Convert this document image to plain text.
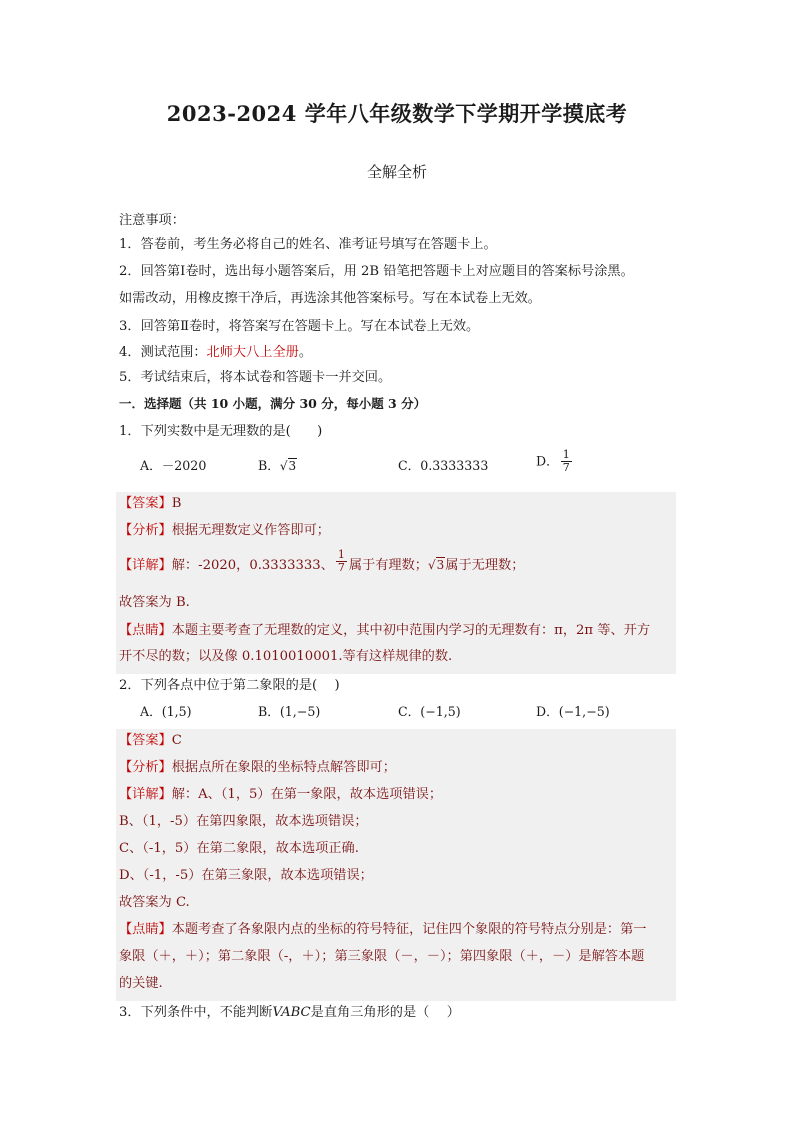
2023-2024 学年八年级数学下学期开学摸底考
全解全析
注意事项：
1．答卷前，考生务必将自己的姓名、准考证号填写在答题卡上。
2．回答第Ⅰ卷时，选出每小题答案后，用 2B 铅笔把答题卡上对应题目的答案标号涂黑。
如需改动，用橡皮擦干净后，再选涂其他答案标号。写在本试卷上无效。
3．回答第Ⅱ卷时，将答案写在答题卡上。写在本试卷上无效。
4．测试范围：北师大八上全册。
5．考试结束后，将本试卷和答题卡一并交回。
一．选择题（共 10 小题，满分 30 分，每小题 3 分）
1．下列实数中是无理数的是(　　)
A．－2020	B．√3	C．0.3333333	D． $\frac{1}{7}$
【答案】B
【分析】根据无理数定义作答即可；
【详解】解：-2020，0.3333333、 $\frac{1}{7}$ 属于有理数；√3属于无理数；
故答案为 B.
【点睛】本题主要考查了无理数的定义，其中初中范围内学习的无理数有：π，2π 等、开方
开不尽的数；以及像 0.1010010001.等有这样规律的数.
2．下列各点中位于第二象限的是(　 )
A．(1,5)	B．(1,−5)	C．(−1,5)	D．(−1,−5)
【答案】C
【分析】根据点所在象限的坐标特点解答即可；
【详解】解：A、（1，5）在第一象限，故本选项错误；
B、（1，-5）在第四象限，故本选项错误；
C、（-1，5）在第二象限，故本选项正确.
D、（-1，-5）在第三象限，故本选项错误；
故答案为 C.
【点睛】本题考查了各象限内点的坐标的符号特征，记住四个象限的符号特点分别是：第一
象限（＋，＋）；第二象限（-，＋）；第三象限（－，－）；第四象限（＋，－）是解答本题
的关键.
3．下列条件中，不能判断VABC是直角三角形的是（　 ）
